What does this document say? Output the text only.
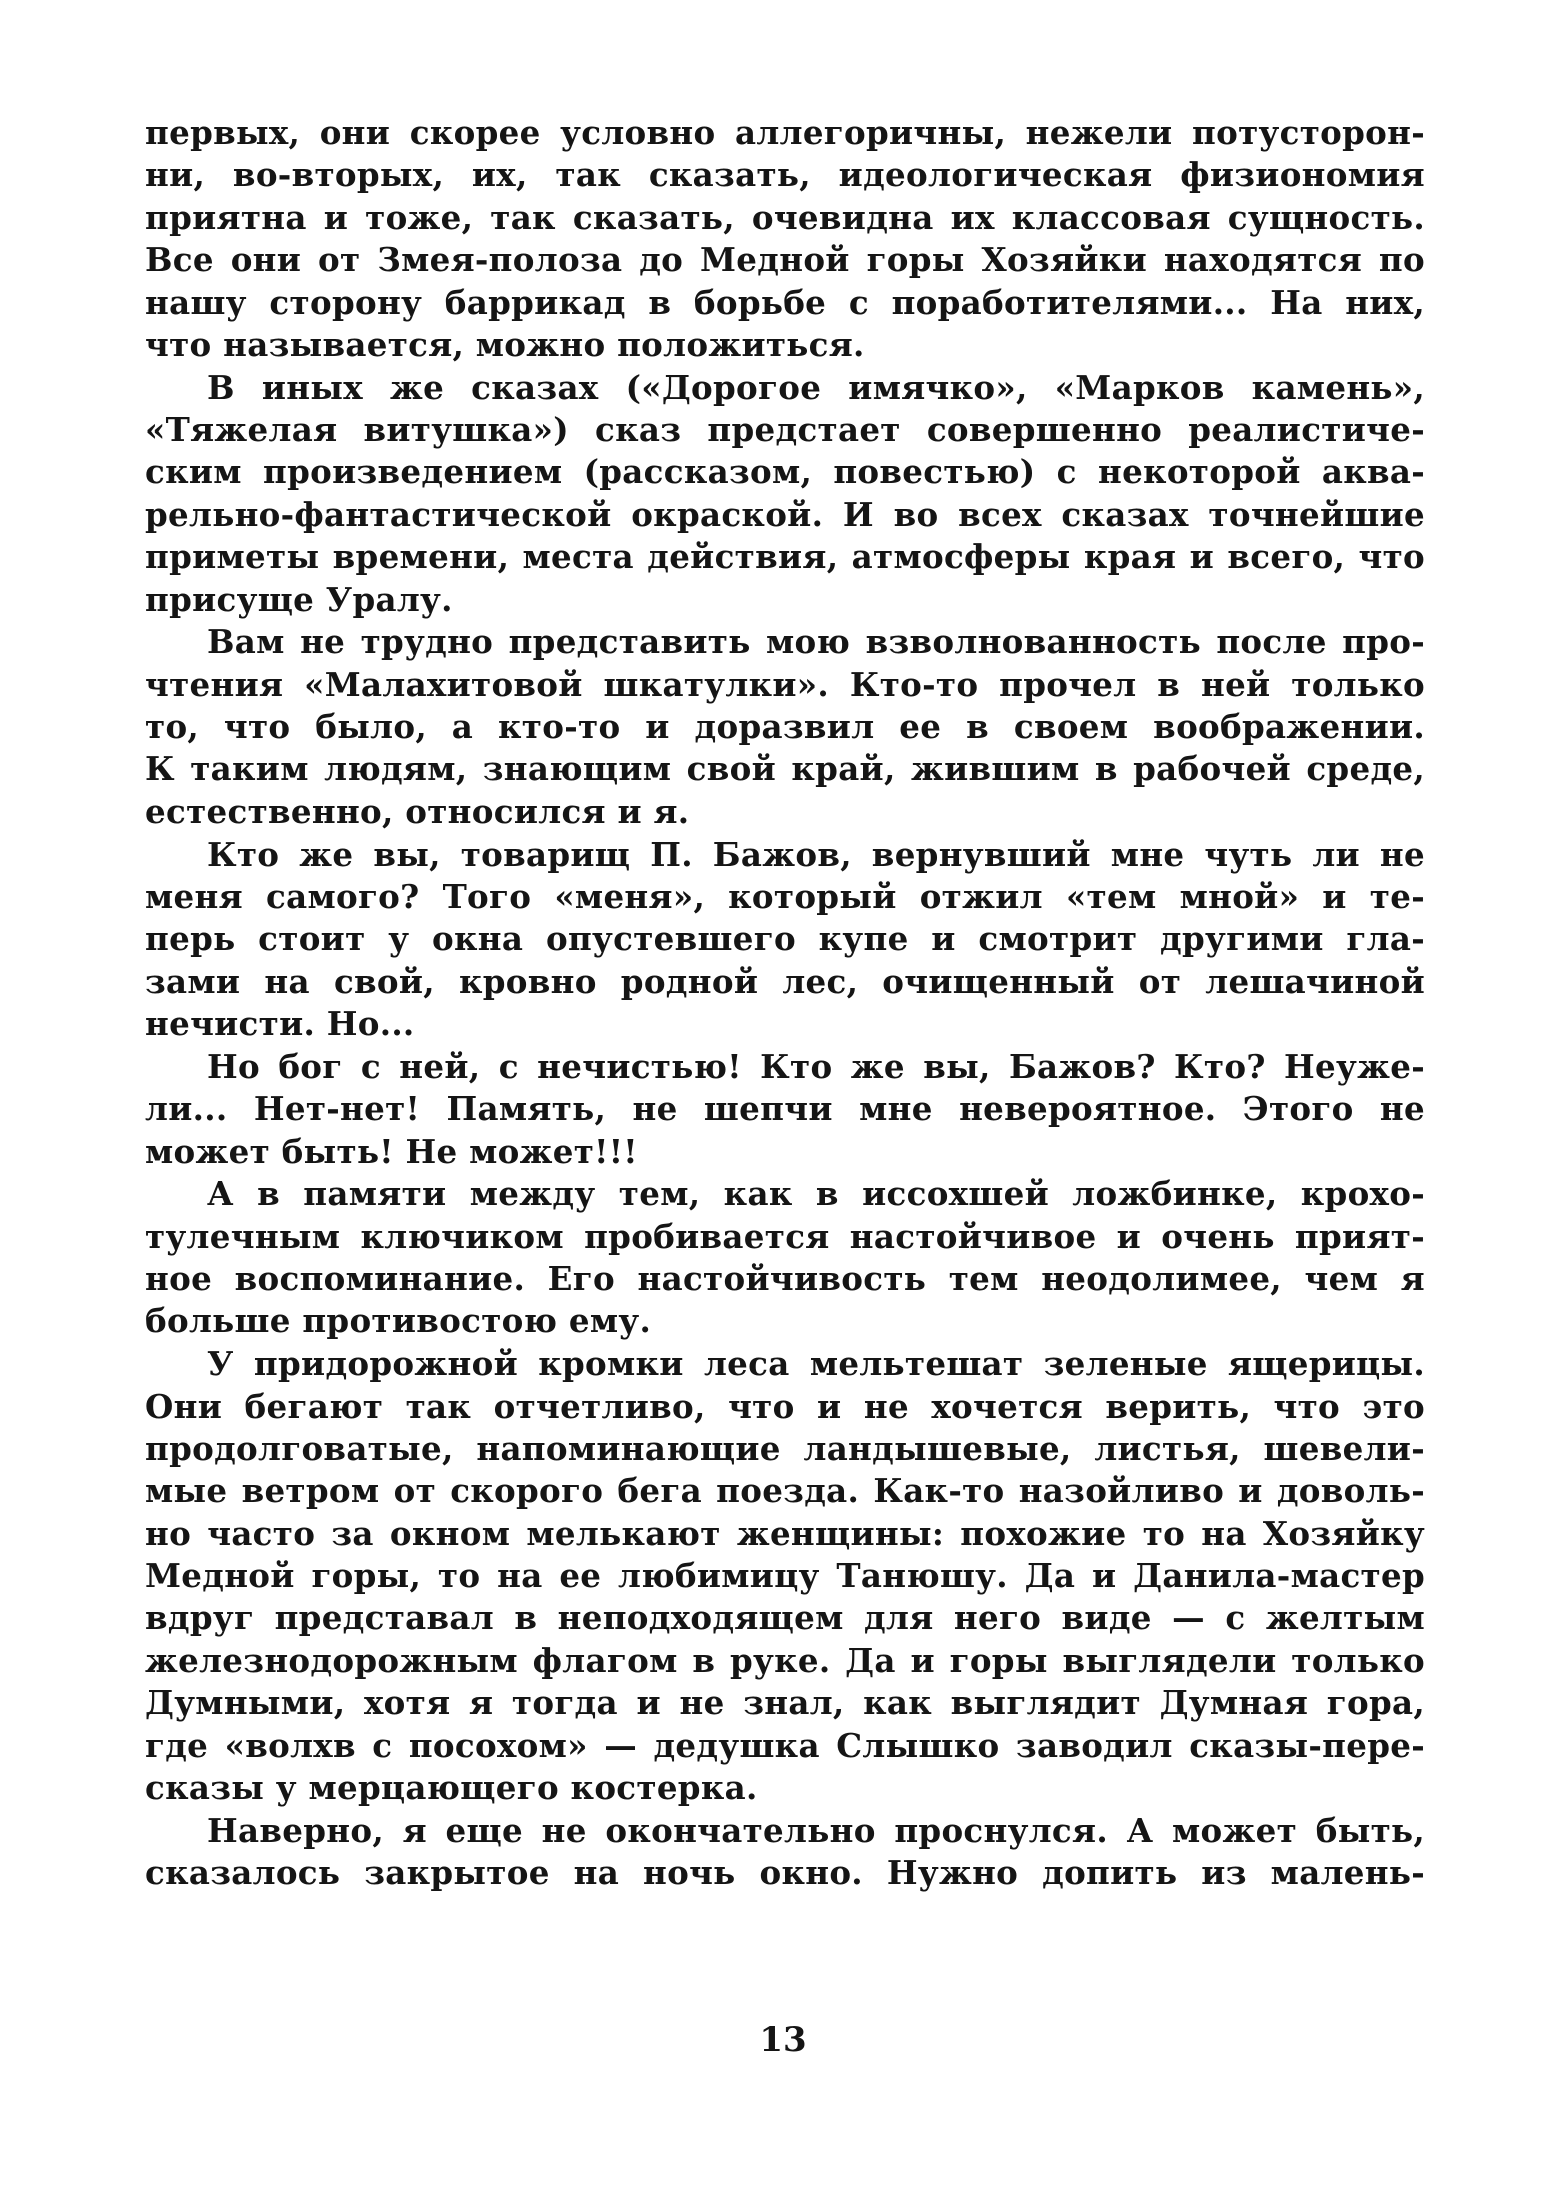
первых, они скорее условно аллегоричны, нежели потусторон-
ни, во-вторых, их, так сказать, идеологическая физиономия
приятна и тоже, так сказать, очевидна их классовая сущность.
Все они от Змея-полоза до Медной горы Хозяйки находятся по
нашу сторону баррикад в борьбе с поработителями... На них,
что называется, можно положиться.
В иных же сказах («Дорогое имячко», «Марков камень»,
«Тяжелая витушка») сказ предстает совершенно реалистиче-
ским произведением (рассказом, повестью) с некоторой аква-
рельно-фантастической окраской. И во всех сказах точнейшие
приметы времени, места действия, атмосферы края и всего, что
присуще Уралу.
Вам не трудно представить мою взволнованность после про-
чтения «Малахитовой шкатулки». Кто-то прочел в ней только
то, что было, а кто-то и доразвил ее в своем воображении.
К таким людям, знающим свой край, жившим в рабочей среде,
естественно, относился и я.
Кто же вы, товарищ П. Бажов, вернувший мне чуть ли не
меня самого? Того «меня», который отжил «тем мной» и те-
перь стоит у окна опустевшего купе и смотрит другими гла-
зами на свой, кровно родной лес, очищенный от лешачиной
нечисти. Но...
Но бог с ней, с нечистью! Кто же вы, Бажов? Кто? Неуже-
ли... Нет-нет! Память, не шепчи мне невероятное. Этого не
может быть! Не может!!!
А в памяти между тем, как в иссохшей ложбинке, крохо-
тулечным ключиком пробивается настойчивое и очень прият-
ное воспоминание. Его настойчивость тем неодолимее, чем я
больше противостою ему.
У придорожной кромки леса мельтешат зеленые ящерицы.
Они бегают так отчетливо, что и не хочется верить, что это
продолговатые, напоминающие ландышевые, листья, шевели-
мые ветром от скорого бега поезда. Как-то назойливо и доволь-
но часто за окном мелькают женщины: похожие то на Хозяйку
Медной горы, то на ее любимицу Танюшу. Да и Данила-мастер
вдруг представал в неподходящем для него виде — с желтым
железнодорожным флагом в руке. Да и горы выглядели только
Думными, хотя я тогда и не знал, как выглядит Думная гора,
где «волхв с посохом» — дедушка Слышко заводил сказы-пере-
сказы у мерцающего костерка.
Наверно, я еще не окончательно проснулся. А может быть,
сказалось закрытое на ночь окно. Нужно допить из малень-
13
